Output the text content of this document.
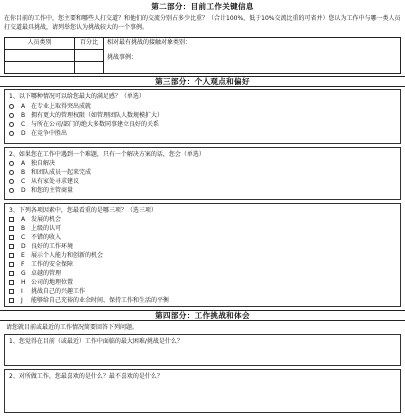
第二部分：目前工作关键信息
在你目前的工作中，您主要和哪些人打交道？和他们的交流分别占多少比重？（合计100%，低于10%交流比重的可省并）您认为工作中与哪一类人员打交道最具挑战，请列举您认为挑战较大的一个事例。
人员类别	百分比	相对最有挑战的接触对象类别：
挑战事例：
第三部分：个人观点和偏好
1、以下哪种情况可以给您最大的满足感？（单选）
A 在专业上取得突出成就
B 拥有更大的管理权限（如管理团队人数规模扩大）
C 与所在公司/部门的绝大多数同事建立良好的关系
D 在竞争中胜出
2、如果您在工作中遇到一个难题，只有一个解决方案的话，您会（单选）
A 独自解决
B 和团队成员一起来完成
C 从有家处寻求建议
D 和您的主管商量
3、下列各项因素中，您最看重的是哪三项？（选三项）
A 发展的机会
B 上级的认可
C 不错的收入
D 良好的工作环境
E	展示个人能力和创新的机会
F	工作的安全保障
G 卓越的管理
H 公司的地理位置
I	挑战自己的兴趣工作
J	能够给自己充裕的业余时间、保持工作和生活的平衡
第四部分：工作挑战和体会
请您就目前或最近的工作情况简要回答下列问题。
1、您觉得在目前（或最近）工作中面临的最大困难/挑战是什么？
2、对所做工作，您最喜欢的是什么？最不喜欢的是什么？
